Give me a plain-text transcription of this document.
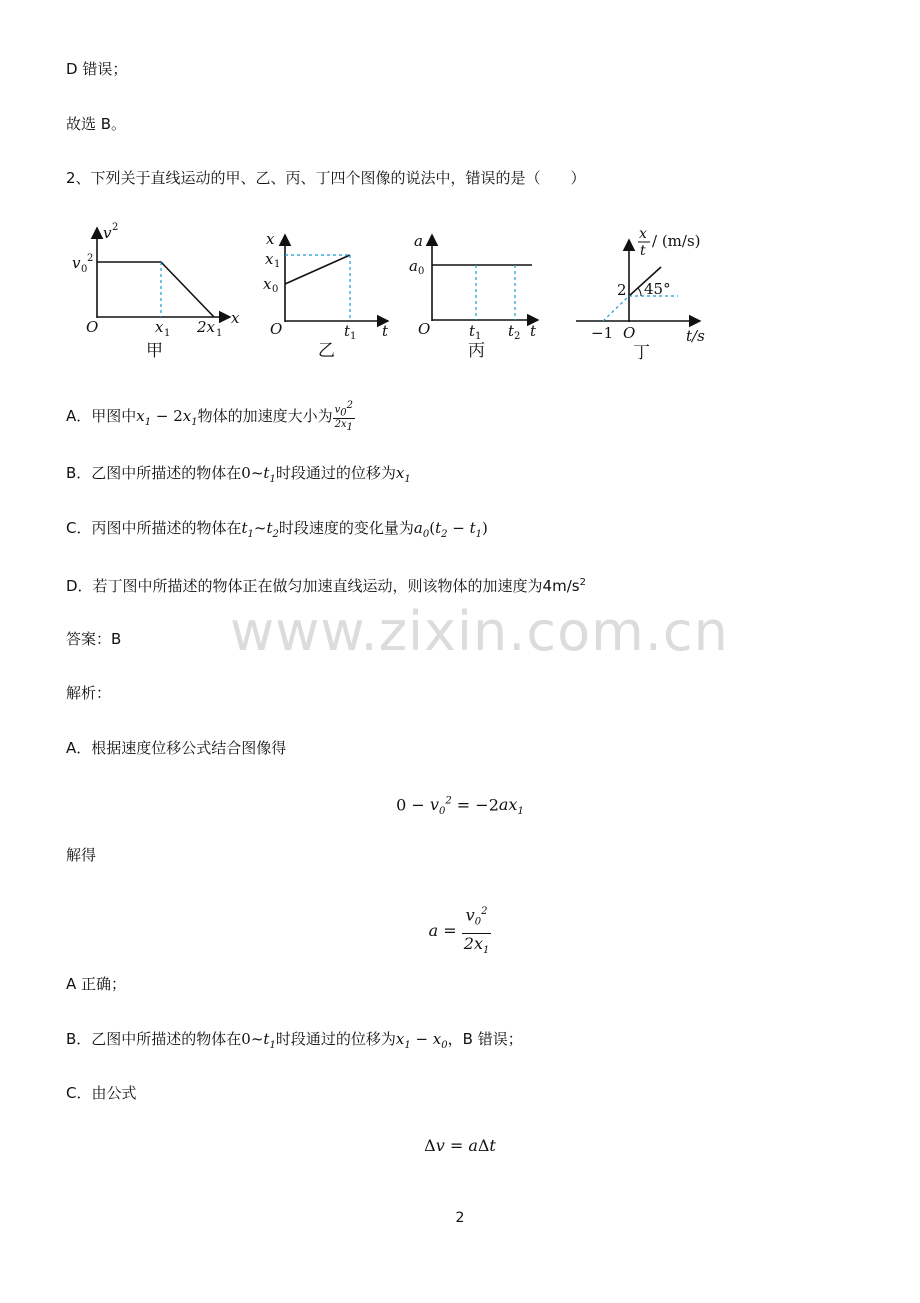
D 错误；
故选 B。
2、下列关于直线运动的甲、乙、丙、丁四个图像的说法中，错误的是（　　）
v 2
v 0
2
O	x 1 2x 1
x
甲
x
x 1
x 0
O	t 1 t
乙
a
a 0
O	t 1 t 2 t
丙
x
t
/ (m/s)
2 45°
−1 O	t/s
丁
A．甲图中$x_1 - 2x_1$物体的加速度大小为 $\frac{v_0^2}{2x_1}$
B．乙图中所描述的物体在$0\sim t_1$时段通过的位移为$x_1$
C．丙图中所描述的物体在$t_1\sim t_2$时段速度的变化量为$a_0(t_2 - t_1)$
D．若丁图中所描述的物体正在做匀加速直线运动，则该物体的加速度为$4m/s^2$
www.zixin.com.cn
答案：B
解析：
A．根据速度位移公式结合图像得
$0 - v_0^2 = -2ax_1$
解得
$a = \frac{v_0^2}{2x_1}$
A 正确；
B．乙图中所描述的物体在$0\sim t_1$时段通过的位移为$x_1 - x_0$，B 错误；
C．由公式
Δv = aΔt
2
